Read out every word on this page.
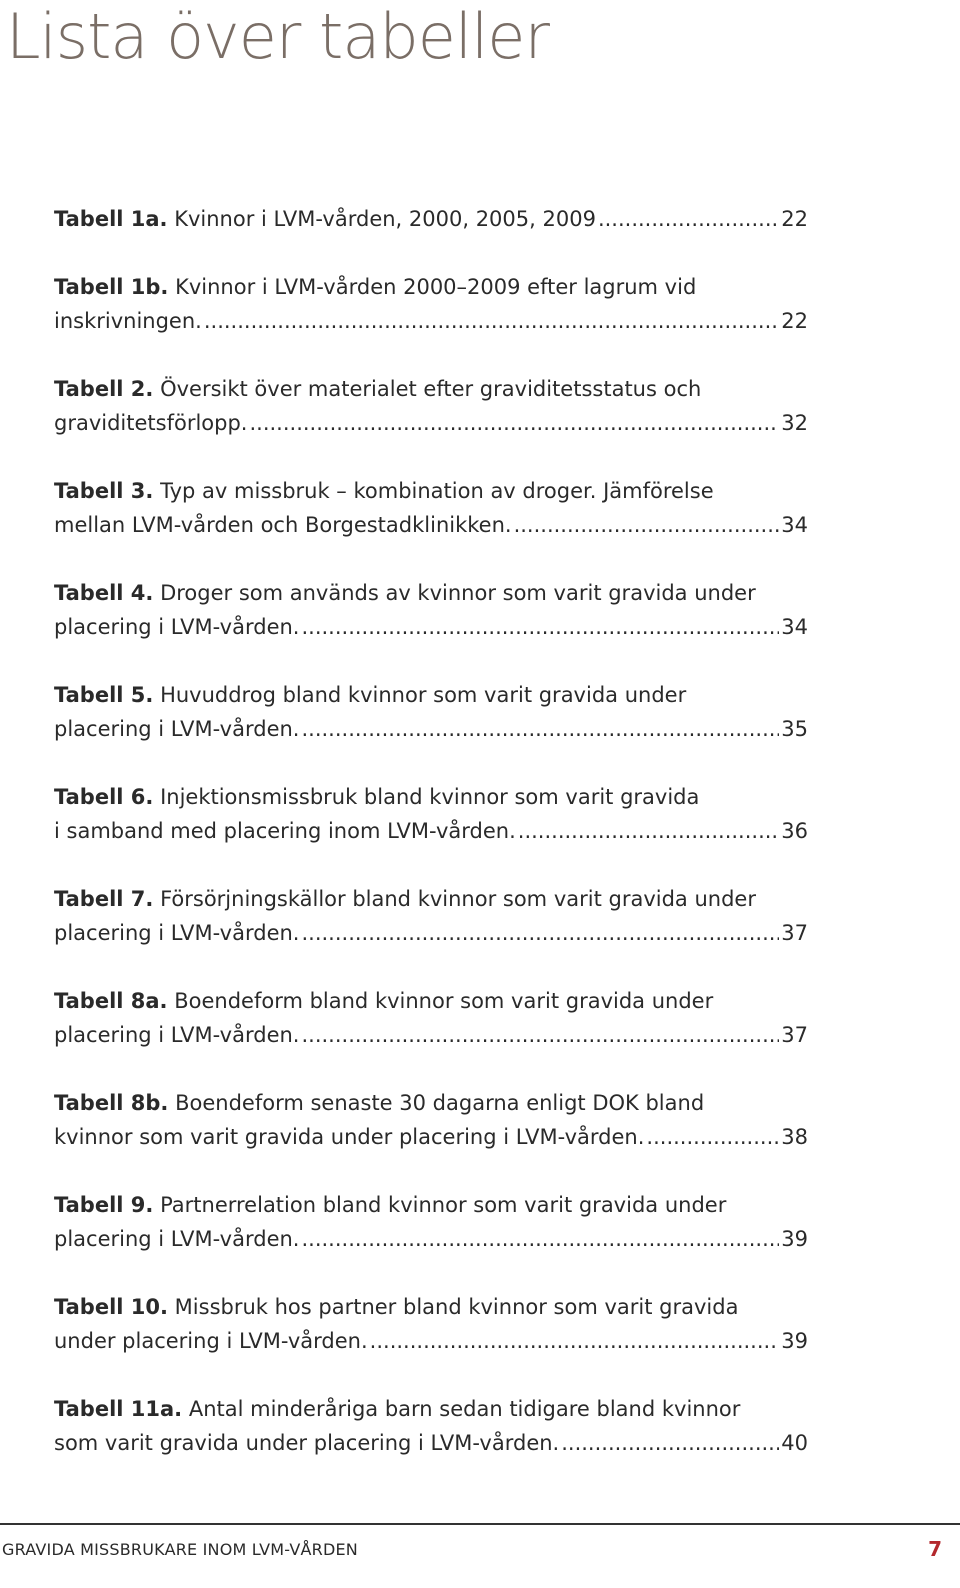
Lista över tabeller
Tabell 1a. Kvinnor i LVM-vården, 2000, 2005, 2009 .....	22
Tabell 1b. Kvinnor i LVM-vården 2000–2009 efter lagrum vid
inskrivningen. .....	22
Tabell 2. Översikt över materialet efter graviditetsstatus och
graviditetsförlopp. .....	32
Tabell 3. Typ av missbruk – kombination av droger. Jämförelse
mellan LVM-vården och Borgestadklinikken. .....	34
Tabell 4. Droger som används av kvinnor som varit gravida under
placering i LVM-vården. .....	34
Tabell 5. Huvuddrog bland kvinnor som varit gravida under
placering i LVM-vården. .....	35
Tabell 6. Injektionsmissbruk bland kvinnor som varit gravida
i samband med placering inom LVM-vården. .....	36
Tabell 7. Försörjningskällor bland kvinnor som varit gravida under
placering i LVM-vården. .....	37
Tabell 8a. Boendeform bland kvinnor som varit gravida under
placering i LVM-vården. .....	37
Tabell 8b. Boendeform senaste 30 dagarna enligt DOK bland
kvinnor som varit gravida under placering i LVM-vården. .....	38
Tabell 9. Partnerrelation bland kvinnor som varit gravida under
placering i LVM-vården. .....	39
Tabell 10. Missbruk hos partner bland kvinnor som varit gravida
under placering i LVM-vården. .....	39
Tabell 11a. Antal minderåriga barn sedan tidigare bland kvinnor
som varit gravida under placering i LVM-vården. .....	40
GRAVIDA MISSBRUKARE INOM LVM-VÅRDEN	7
